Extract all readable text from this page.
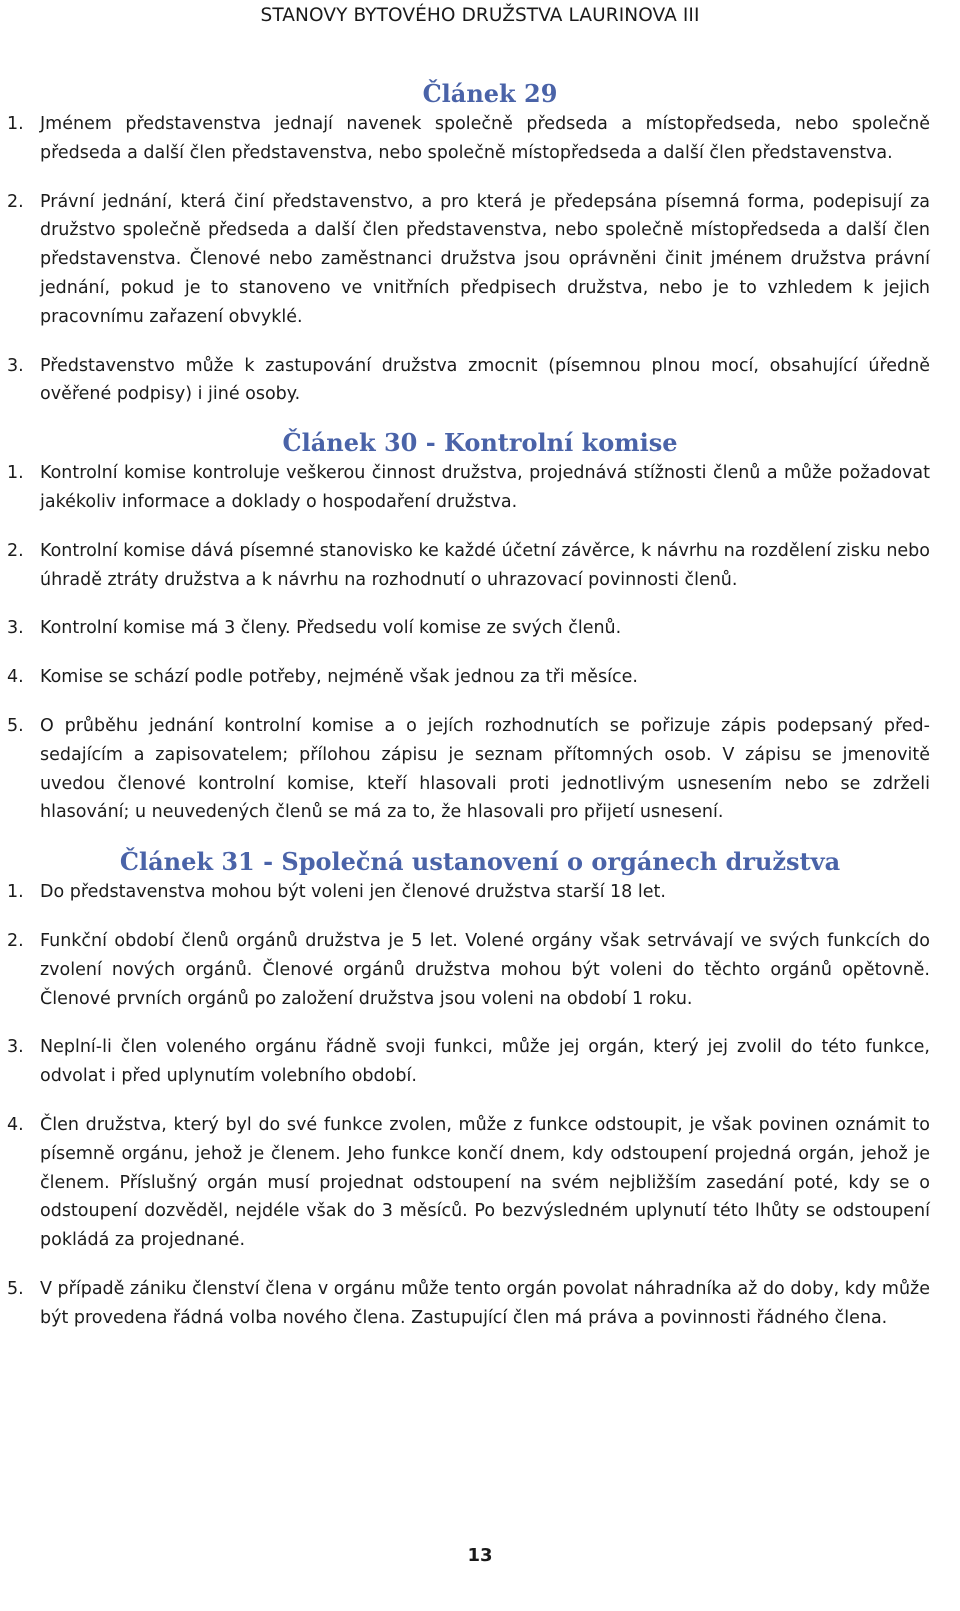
STANOVY BYTOVÉHO DRUŽSTVA LAURINOVA III
Článek 29
1. Jménem představenstva jednají navenek společně předseda a místopředseda, nebo společně předseda a další člen představenstva, nebo společně místopředseda a další člen představenstva.
2. Právní jednání, která činí představenstvo, a pro která je předepsána písemná forma, podepisují za družstvo společně předseda a další člen představenstva, nebo společně místopředseda a další člen představenstva. Členové nebo zaměstnanci družstva jsou oprávněni činit jménem družstva právní jednání, pokud je to stanoveno ve vnitřních předpisech družstva, nebo je to vzhledem k jejich pracovnímu zařazení obvyklé.
3. Představenstvo může k zastupování družstva zmocnit (písemnou plnou mocí, obsahující úředně ověřené podpisy) i jiné osoby.
Článek 30 - Kontrolní komise
1. Kontrolní komise kontroluje veškerou činnost družstva, projednává stížnosti členů a může požadovat jakékoliv informace a doklady o hospodaření družstva.
2. Kontrolní komise dává písemné stanovisko ke každé účetní závěrce, k návrhu na rozdělení zisku nebo úhradě ztráty družstva a k návrhu na rozhodnutí o uhrazovací povinnosti členů.
3. Kontrolní komise má 3 členy. Předsedu volí komise ze svých členů.
4. Komise se schází podle potřeby, nejméně však jednou za tři měsíce.
5. O průběhu jednání kontrolní komise a o jejích rozhodnutích se pořizuje zápis podepsaný před-sedajícím a zapisovatelem; přílohou zápisu je seznam přítomných osob. V zápisu se jmenovitě uvedou členové kontrolní komise, kteří hlasovali proti jednotlivým usnesením nebo se zdrželi hlasování; u neuvedených členů se má za to, že hlasovali pro přijetí usnesení.
Článek 31 - Společná ustanovení o orgánech družstva
1. Do představenstva mohou být voleni jen členové družstva starší 18 let.
2. Funkční období členů orgánů družstva je 5 let. Volené orgány však setrvávají ve svých funkcích do zvolení nových orgánů. Členové orgánů družstva mohou být voleni do těchto orgánů opětovně. Členové prvních orgánů po založení družstva jsou voleni na období 1 roku.
3. Neplní-li člen voleného orgánu řádně svoji funkci, může jej orgán, který jej zvolil do této funkce, odvolat i před uplynutím volebního období.
4. Člen družstva, který byl do své funkce zvolen, může z funkce odstoupit, je však povinen oznámit to písemně orgánu, jehož je členem. Jeho funkce končí dnem, kdy odstoupení projedná orgán, jehož je členem. Příslušný orgán musí projednat odstoupení na svém nejbližším zasedání poté, kdy se o odstoupení dozvěděl, nejdéle však do 3 měsíců. Po bezvýsledném uplynutí této lhůty se odstoupení pokládá za projednané.
5. V případě zániku členství člena v orgánu může tento orgán povolat náhradníka až do doby, kdy může být provedena řádná volba nového člena. Zastupující člen má práva a povinnosti řádného člena.
13
